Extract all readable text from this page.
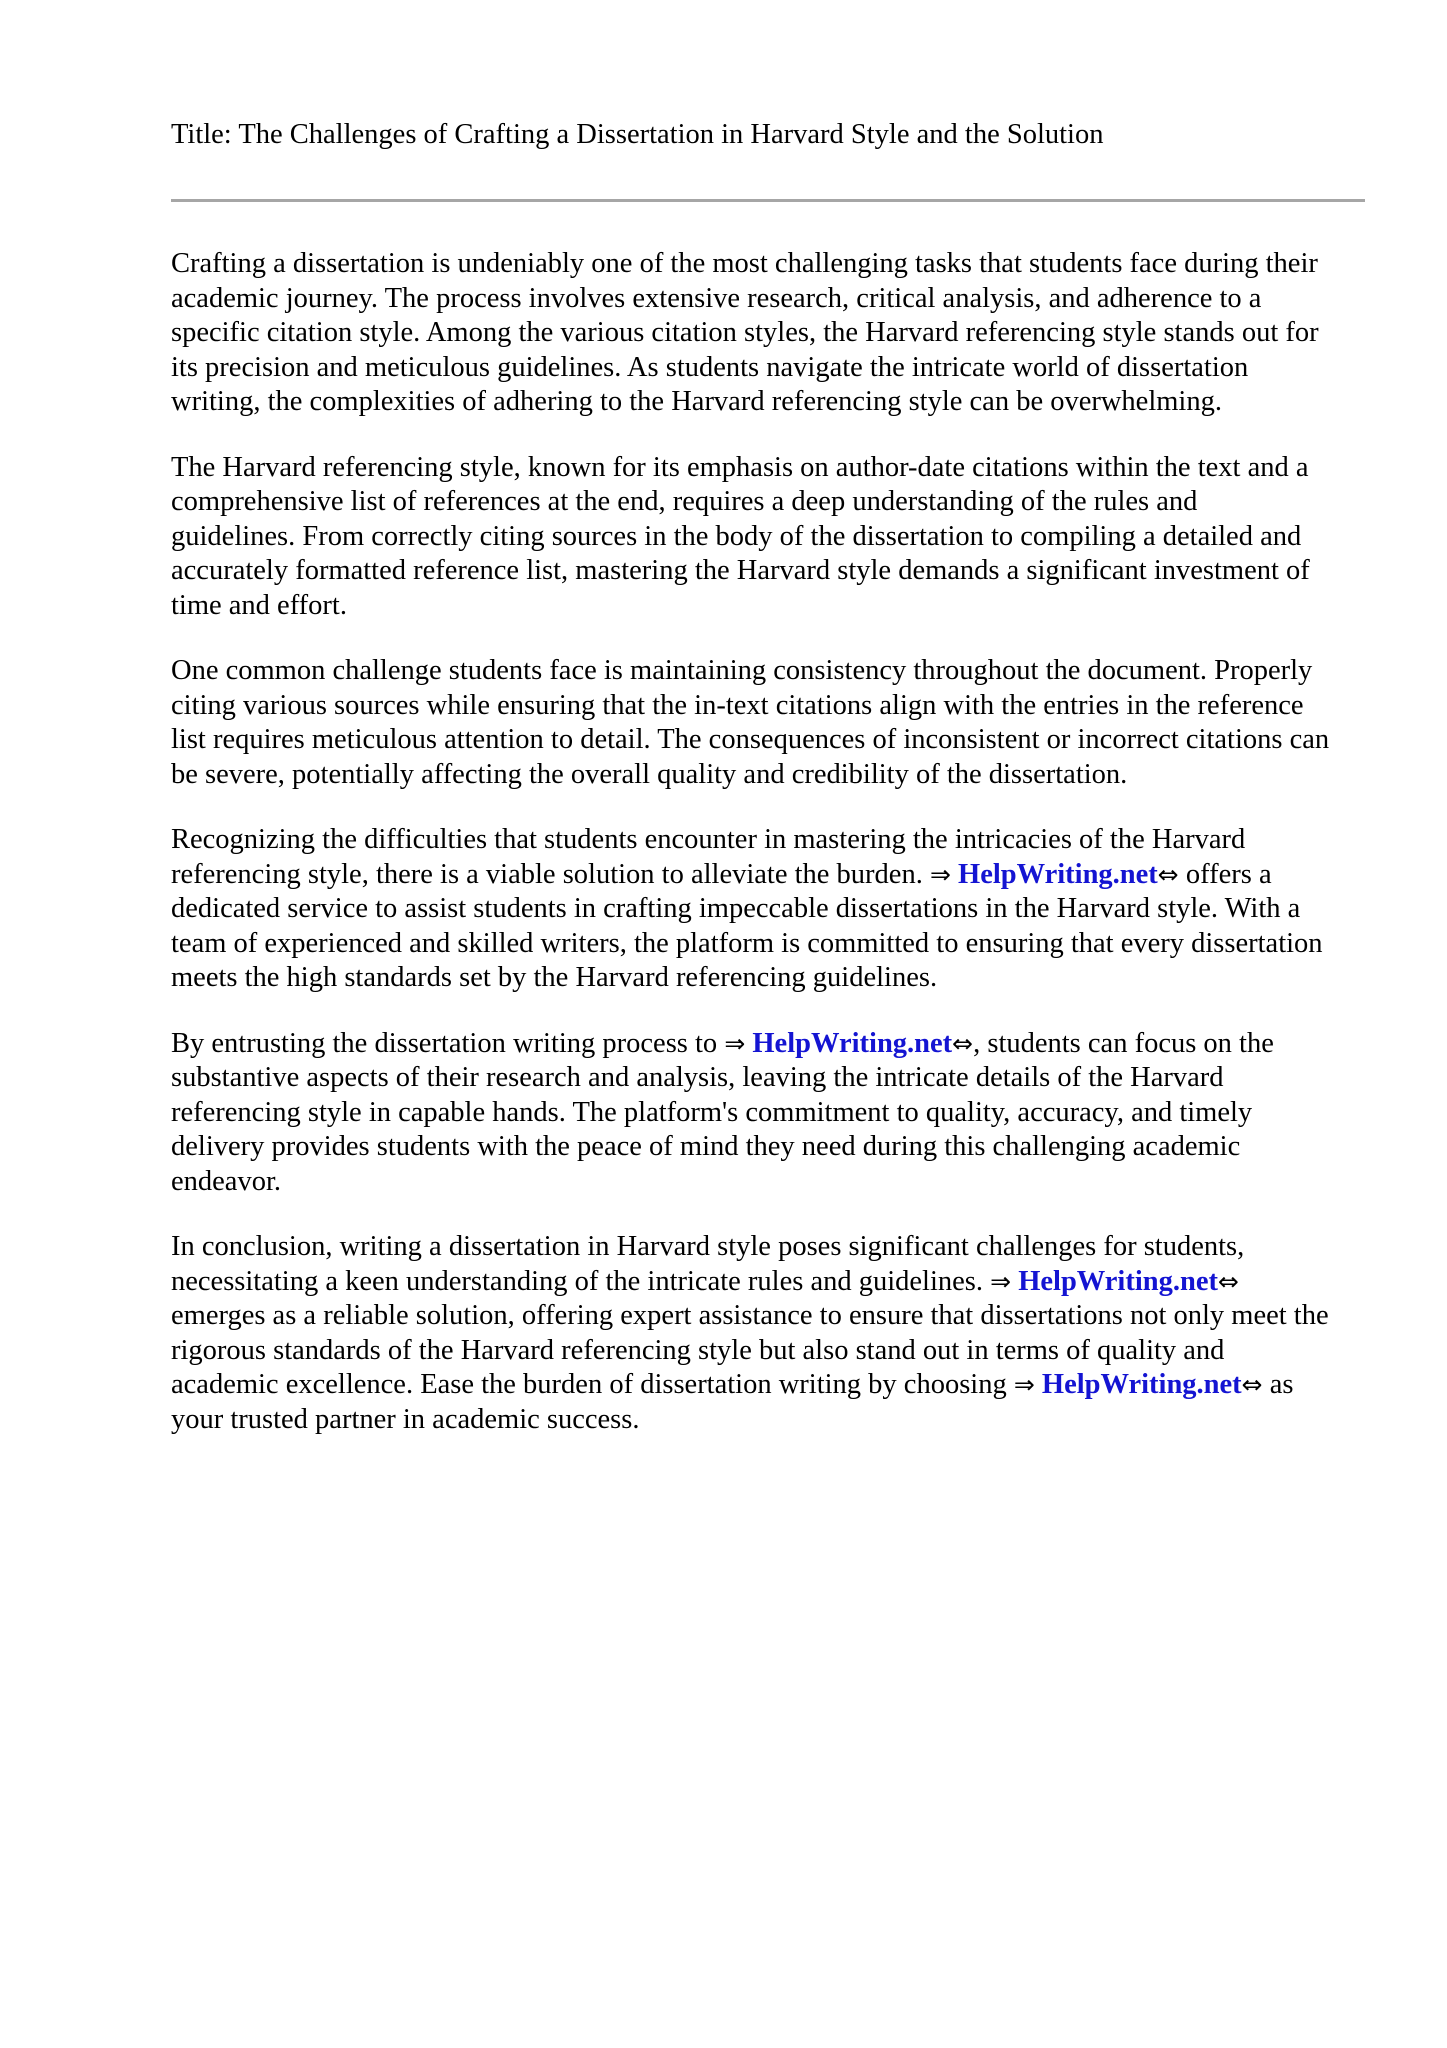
Title: The Challenges of Crafting a Dissertation in Harvard Style and the Solution

Crafting a dissertation is undeniably one of the most challenging tasks that students face during their
academic journey. The process involves extensive research, critical analysis, and adherence to a
specific citation style. Among the various citation styles, the Harvard referencing style stands out for
its precision and meticulous guidelines. As students navigate the intricate world of dissertation
writing, the complexities of adhering to the Harvard referencing style can be overwhelming.

The Harvard referencing style, known for its emphasis on author-date citations within the text and a
comprehensive list of references at the end, requires a deep understanding of the rules and
guidelines. From correctly citing sources in the body of the dissertation to compiling a detailed and
accurately formatted reference list, mastering the Harvard style demands a significant investment of
time and effort.

One common challenge students face is maintaining consistency throughout the document. Properly
citing various sources while ensuring that the in-text citations align with the entries in the reference
list requires meticulous attention to detail. The consequences of inconsistent or incorrect citations can
be severe, potentially affecting the overall quality and credibility of the dissertation.

Recognizing the difficulties that students encounter in mastering the intricacies of the Harvard
referencing style, there is a viable solution to alleviate the burden. ⇒ HelpWriting.net⇔ offers a
dedicated service to assist students in crafting impeccable dissertations in the Harvard style. With a
team of experienced and skilled writers, the platform is committed to ensuring that every dissertation
meets the high standards set by the Harvard referencing guidelines.

By entrusting the dissertation writing process to ⇒ HelpWriting.net⇔, students can focus on the
substantive aspects of their research and analysis, leaving the intricate details of the Harvard
referencing style in capable hands. The platform's commitment to quality, accuracy, and timely
delivery provides students with the peace of mind they need during this challenging academic
endeavor.

In conclusion, writing a dissertation in Harvard style poses significant challenges for students,
necessitating a keen understanding of the intricate rules and guidelines. ⇒ HelpWriting.net⇔
emerges as a reliable solution, offering expert assistance to ensure that dissertations not only meet the
rigorous standards of the Harvard referencing style but also stand out in terms of quality and
academic excellence. Ease the burden of dissertation writing by choosing ⇒ HelpWriting.net⇔ as
your trusted partner in academic success.
